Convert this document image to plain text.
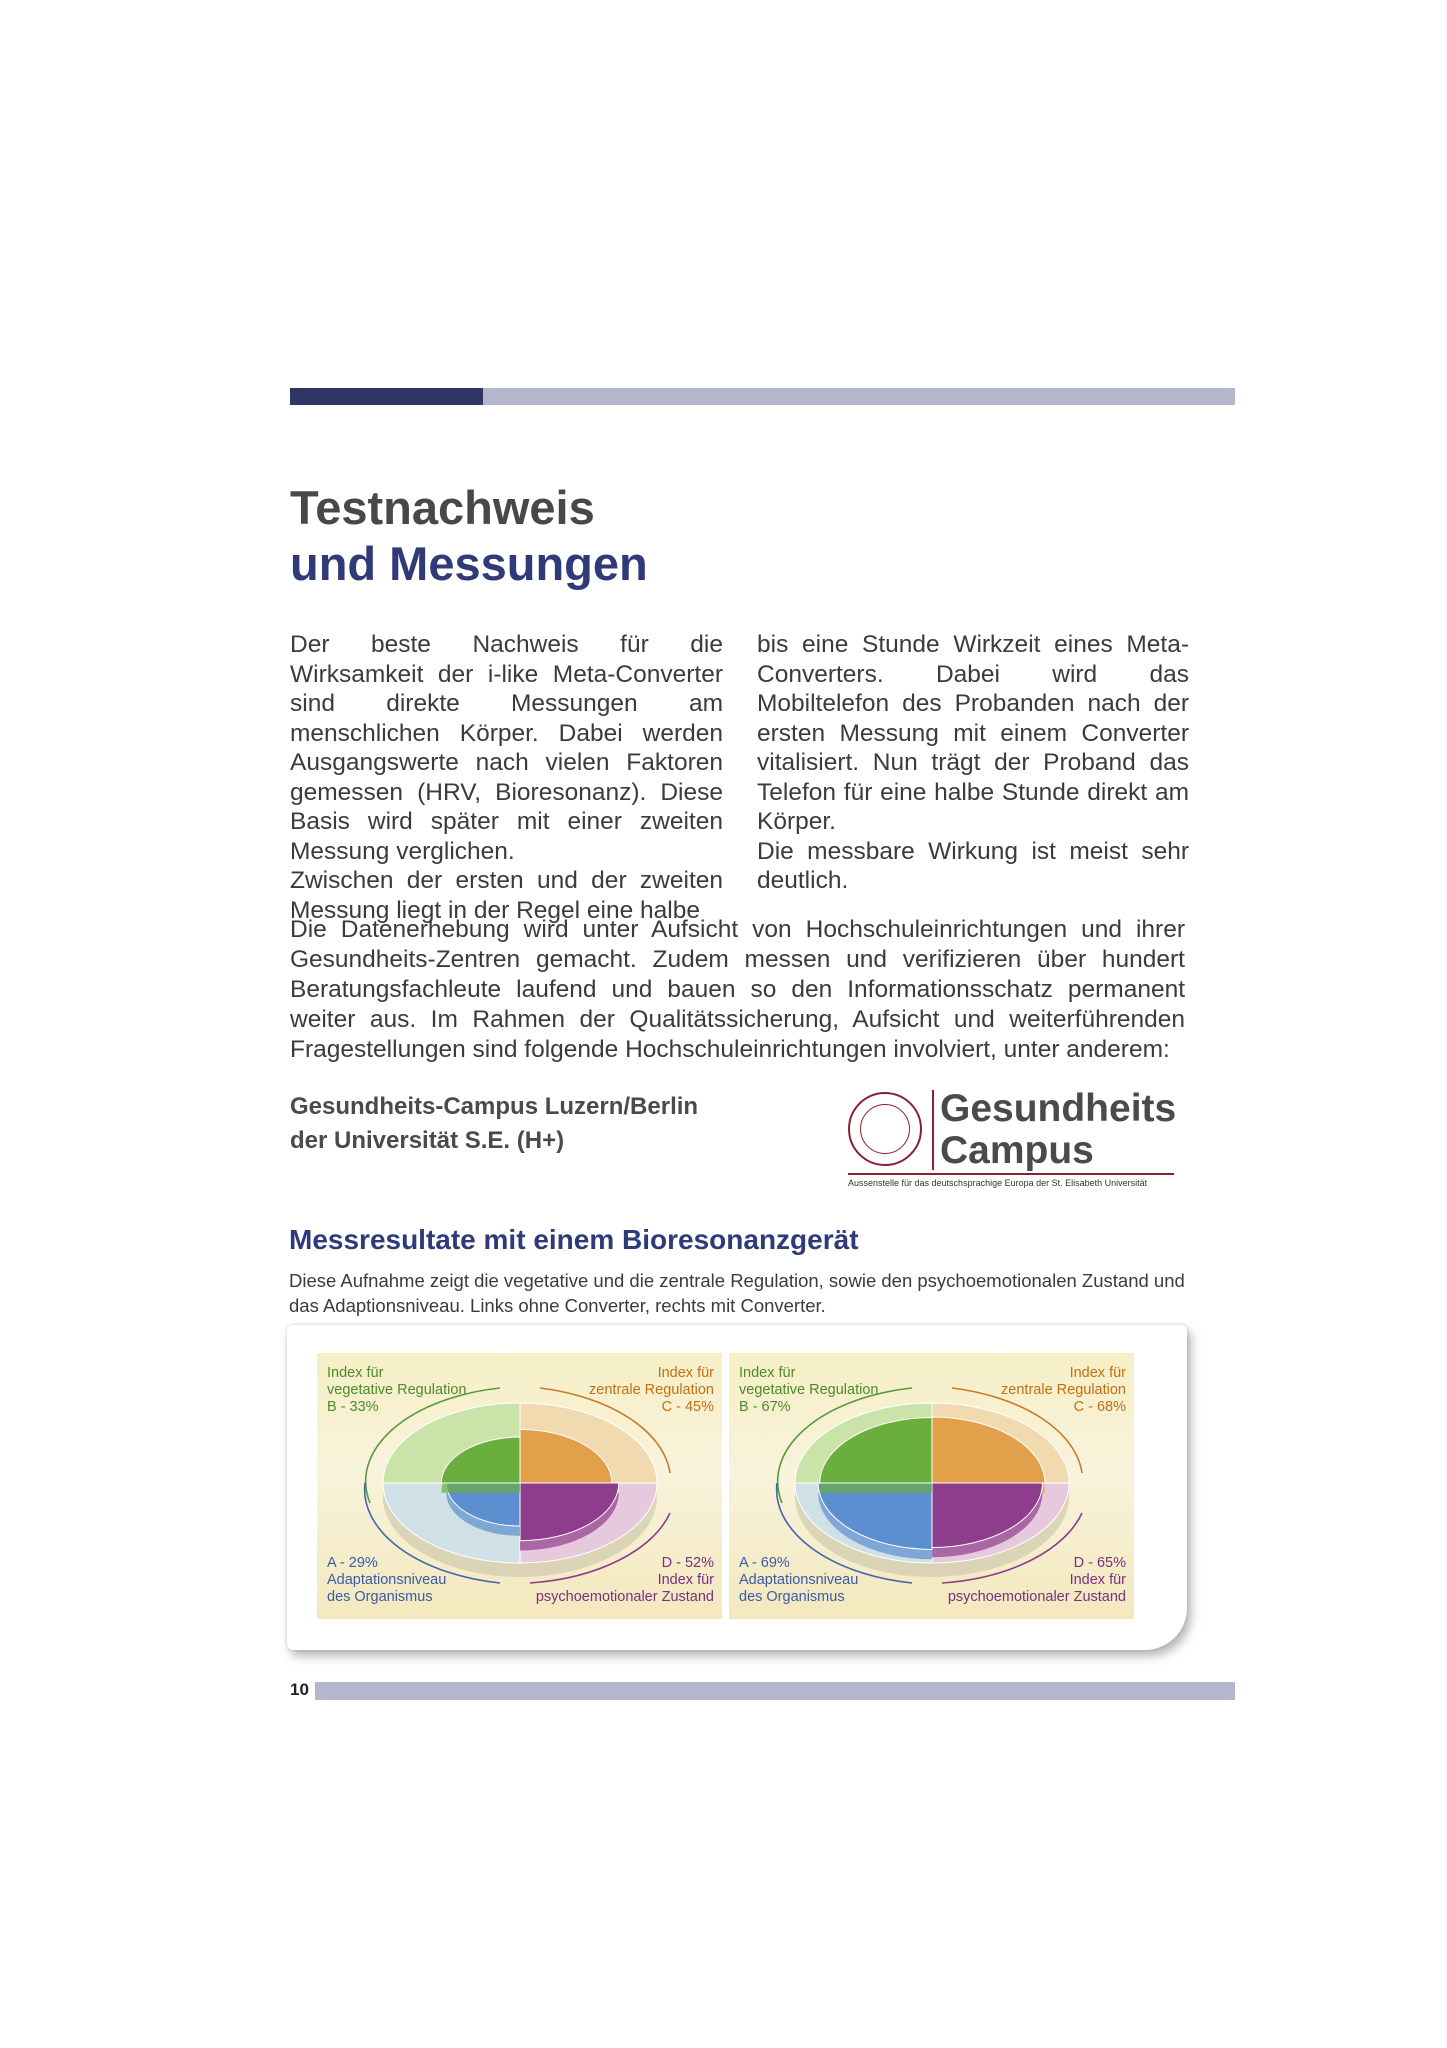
Testnachweis
und Messungen

Der beste Nachweis für die Wirksamkeit der i-like Meta-Converter sind direkte Messungen am menschlichen Körper. Dabei werden Ausgangswerte nach vielen Faktoren gemessen (HRV, Bioresonanz). Diese Basis wird später mit einer zweiten Messung verglichen.

Zwischen der ersten und der zweiten Messung liegt in der Regel eine halbe

bis eine Stunde Wirkzeit eines Meta-Converters. Dabei wird das Mobiltelefon des Probanden nach der ersten Messung mit einem Converter vitalisiert. Nun trägt der Proband das Telefon für eine halbe Stunde direkt am Körper.

Die messbare Wirkung ist meist sehr deutlich.

Die Datenerhebung wird unter Aufsicht von Hochschuleinrichtungen und ihrer Gesundheits-Zentren gemacht. Zudem messen und verifizieren über hundert Beratungsfachleute laufend und bauen so den Informationsschatz permanent weiter aus. Im Rahmen der Qualitätssicherung, Aufsicht und weiterführenden Fragestellungen sind folgende Hochschuleinrichtungen involviert, unter anderem:

Gesundheits-Campus Luzern/Berlin
der Universität S.E. (H+)
Gesundheits
Campus
Aussenstelle für das deutschsprachige Europa der St. Elisabeth Universität
Messresultate mit einem Bioresonanzgerät

Diese Aufnahme zeigt die vegetative und die zentrale Regulation, sowie den psychoemotionalen Zustand und das Adaptionsniveau. Links ohne Converter, rechts mit Converter.

Index für
vegetative Regulation
B - 33%
Index für
zentrale Regulation
C - 45%
A - 29%
Adaptationsniveau
des Organismus
D - 52%
Index für
psychoemotionaler Zustand
Index für
vegetative Regulation
B - 67%
Index für
zentrale Regulation
C - 68%
A - 69%
Adaptationsniveau
des Organismus
D - 65%
Index für
psychoemotionaler Zustand
10
